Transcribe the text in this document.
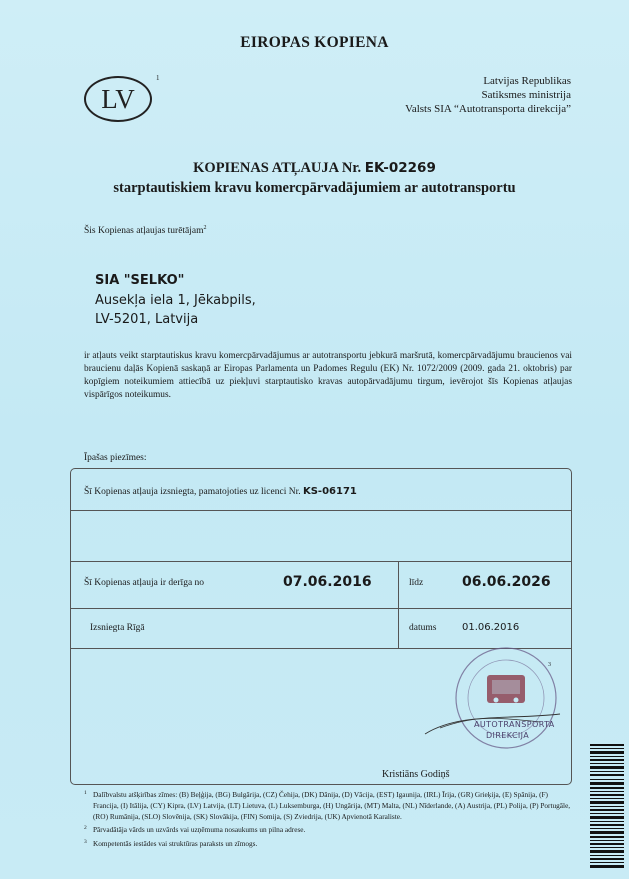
EIROPAS KOPIENA
LV
1	Latvijas Republikas
Satiksmes ministrija
Valsts SIA “Autotransporta direkcija”
KOPIENAS ATĻAUJA Nr. EK-02269
starptautiskiem kravu komercpārvadājumiem ar autotransportu
Šis Kopienas atļaujas turētājam$^2$
SIA "SELKO"
Ausekļa iela 1, Jēkabpils,
LV-5201, Latvija
ir atļauts veikt starptautiskus kravu komercpārvadājumus ar autotransportu jebkurā maršrutā, komercpārvadājumu braucienos vai braucienu daļās Kopienā saskaņā ar Eiropas Parlamenta un Padomes Regulu (EK) Nr. 1072/2009 (2009. gada 21. oktobris) par kopīgiem noteikumiem attiecībā uz piekļuvi starptautisko kravas autopārvadājumu tirgum, ievērojot šīs Kopienas atļaujas vispārīgos noteikumus.
Īpašas piezīmes:
Šī Kopienas atļauja izsniegta, pamatojoties uz licenci Nr. KS-06171
Šī Kopienas atļauja ir derīga no	07.06.2016	līdz	06.06.2026
Izsniegta Rīgā	datums	01.06.2016
AUTOTRANSPORTA
DIREKCIJA
3
Kristiāns Godiņš

1 Dalībvalstu atšķirības zīmes: (B) Beļģija, (BG) Bulgārija, (CZ) Čehija, (DK) Dānija, (D) Vācija, (EST) Igaunija, (IRL) Īrija, (GR) Grieķija, (E) Spānija, (F) Francija, (I) Itālija, (CY) Kipra, (LV) Latvija, (LT) Lietuva, (L) Luksemburga, (H) Ungārija, (MT) Malta, (NL) Nīderlande, (A) Austrija, (PL) Polija, (P) Portugāle, (RO) Rumānija, (SLO) Slovēnija, (SK) Slovākija, (FIN) Somija, (S) Zviedrija, (UK) Apvienotā Karaliste.

2 Pārvadātāja vārds un uzvārds vai uzņēmuma nosaukums un pilna adrese.

3 Kompetentās iestādes vai struktūras paraksts un zīmogs.
